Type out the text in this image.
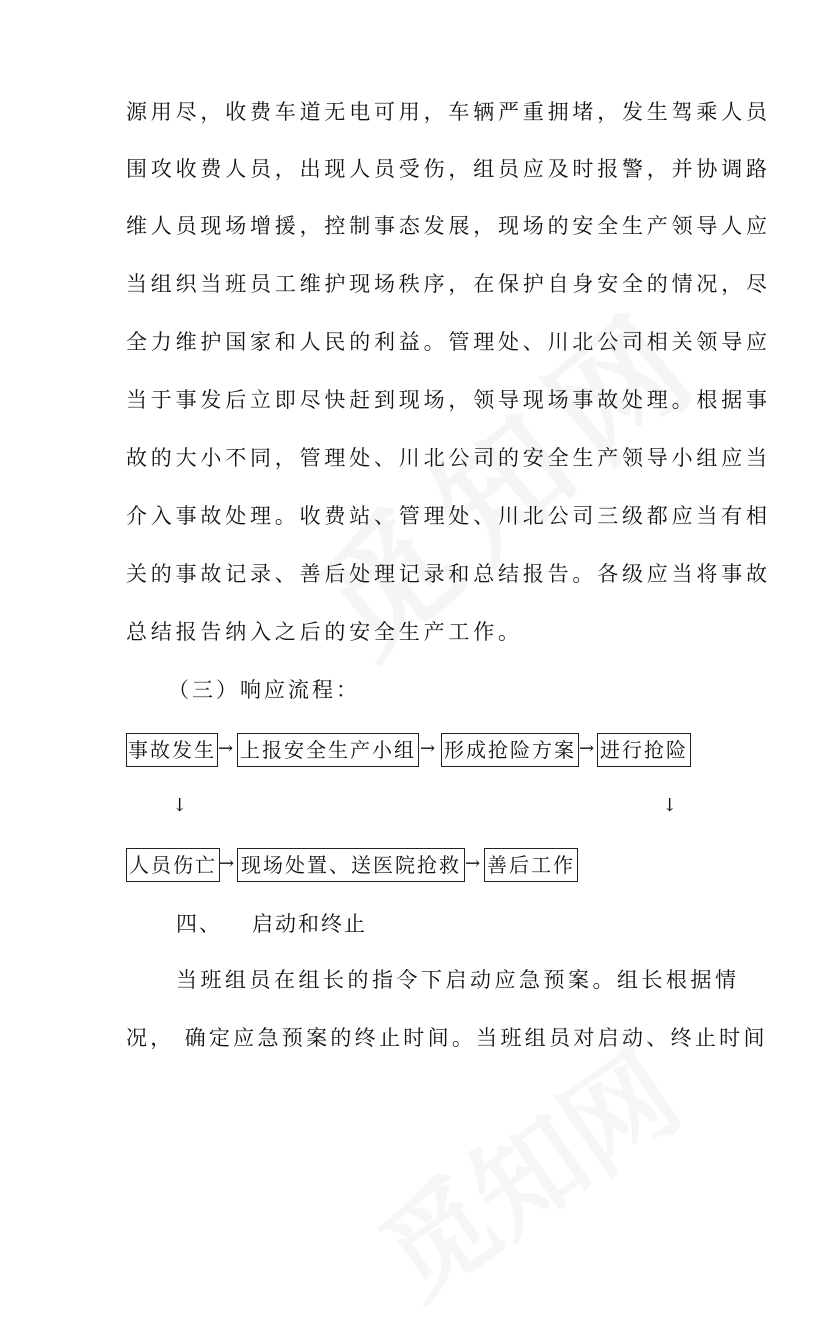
源用尽，收费车道无电可用，车辆严重拥堵，发生驾乘人员
围攻收费人员，出现人员受伤，组员应及时报警，并协调路
维人员现场增援，控制事态发展，现场的安全生产领导人应
当组织当班员工维护现场秩序，在保护自身安全的情况，尽
全力维护国家和人民的利益。管理处、川北公司相关领导应
当于事发后立即尽快赶到现场，领导现场事故处理。根据事
故的大小不同，管理处、川北公司的安全生产领导小组应当
介入事故处理。收费站、管理处、川北公司三级都应当有相
关的事故记录、善后处理记录和总结报告。各级应当将事故
总结报告纳入之后的安全生产工作。
（三）响应流程：
事故发生 → 上报安全生产小组 → 形成抢险方案 → 进行抢险
↓	↓
人员伤亡 → 现场处置、送医院抢救 → 善后工作
四、 启动和终止
当班组员在组长的指令下启动应急预案。组长根据情
况， 确定应急预案的终止时间。当班组员对启动、终止时间
